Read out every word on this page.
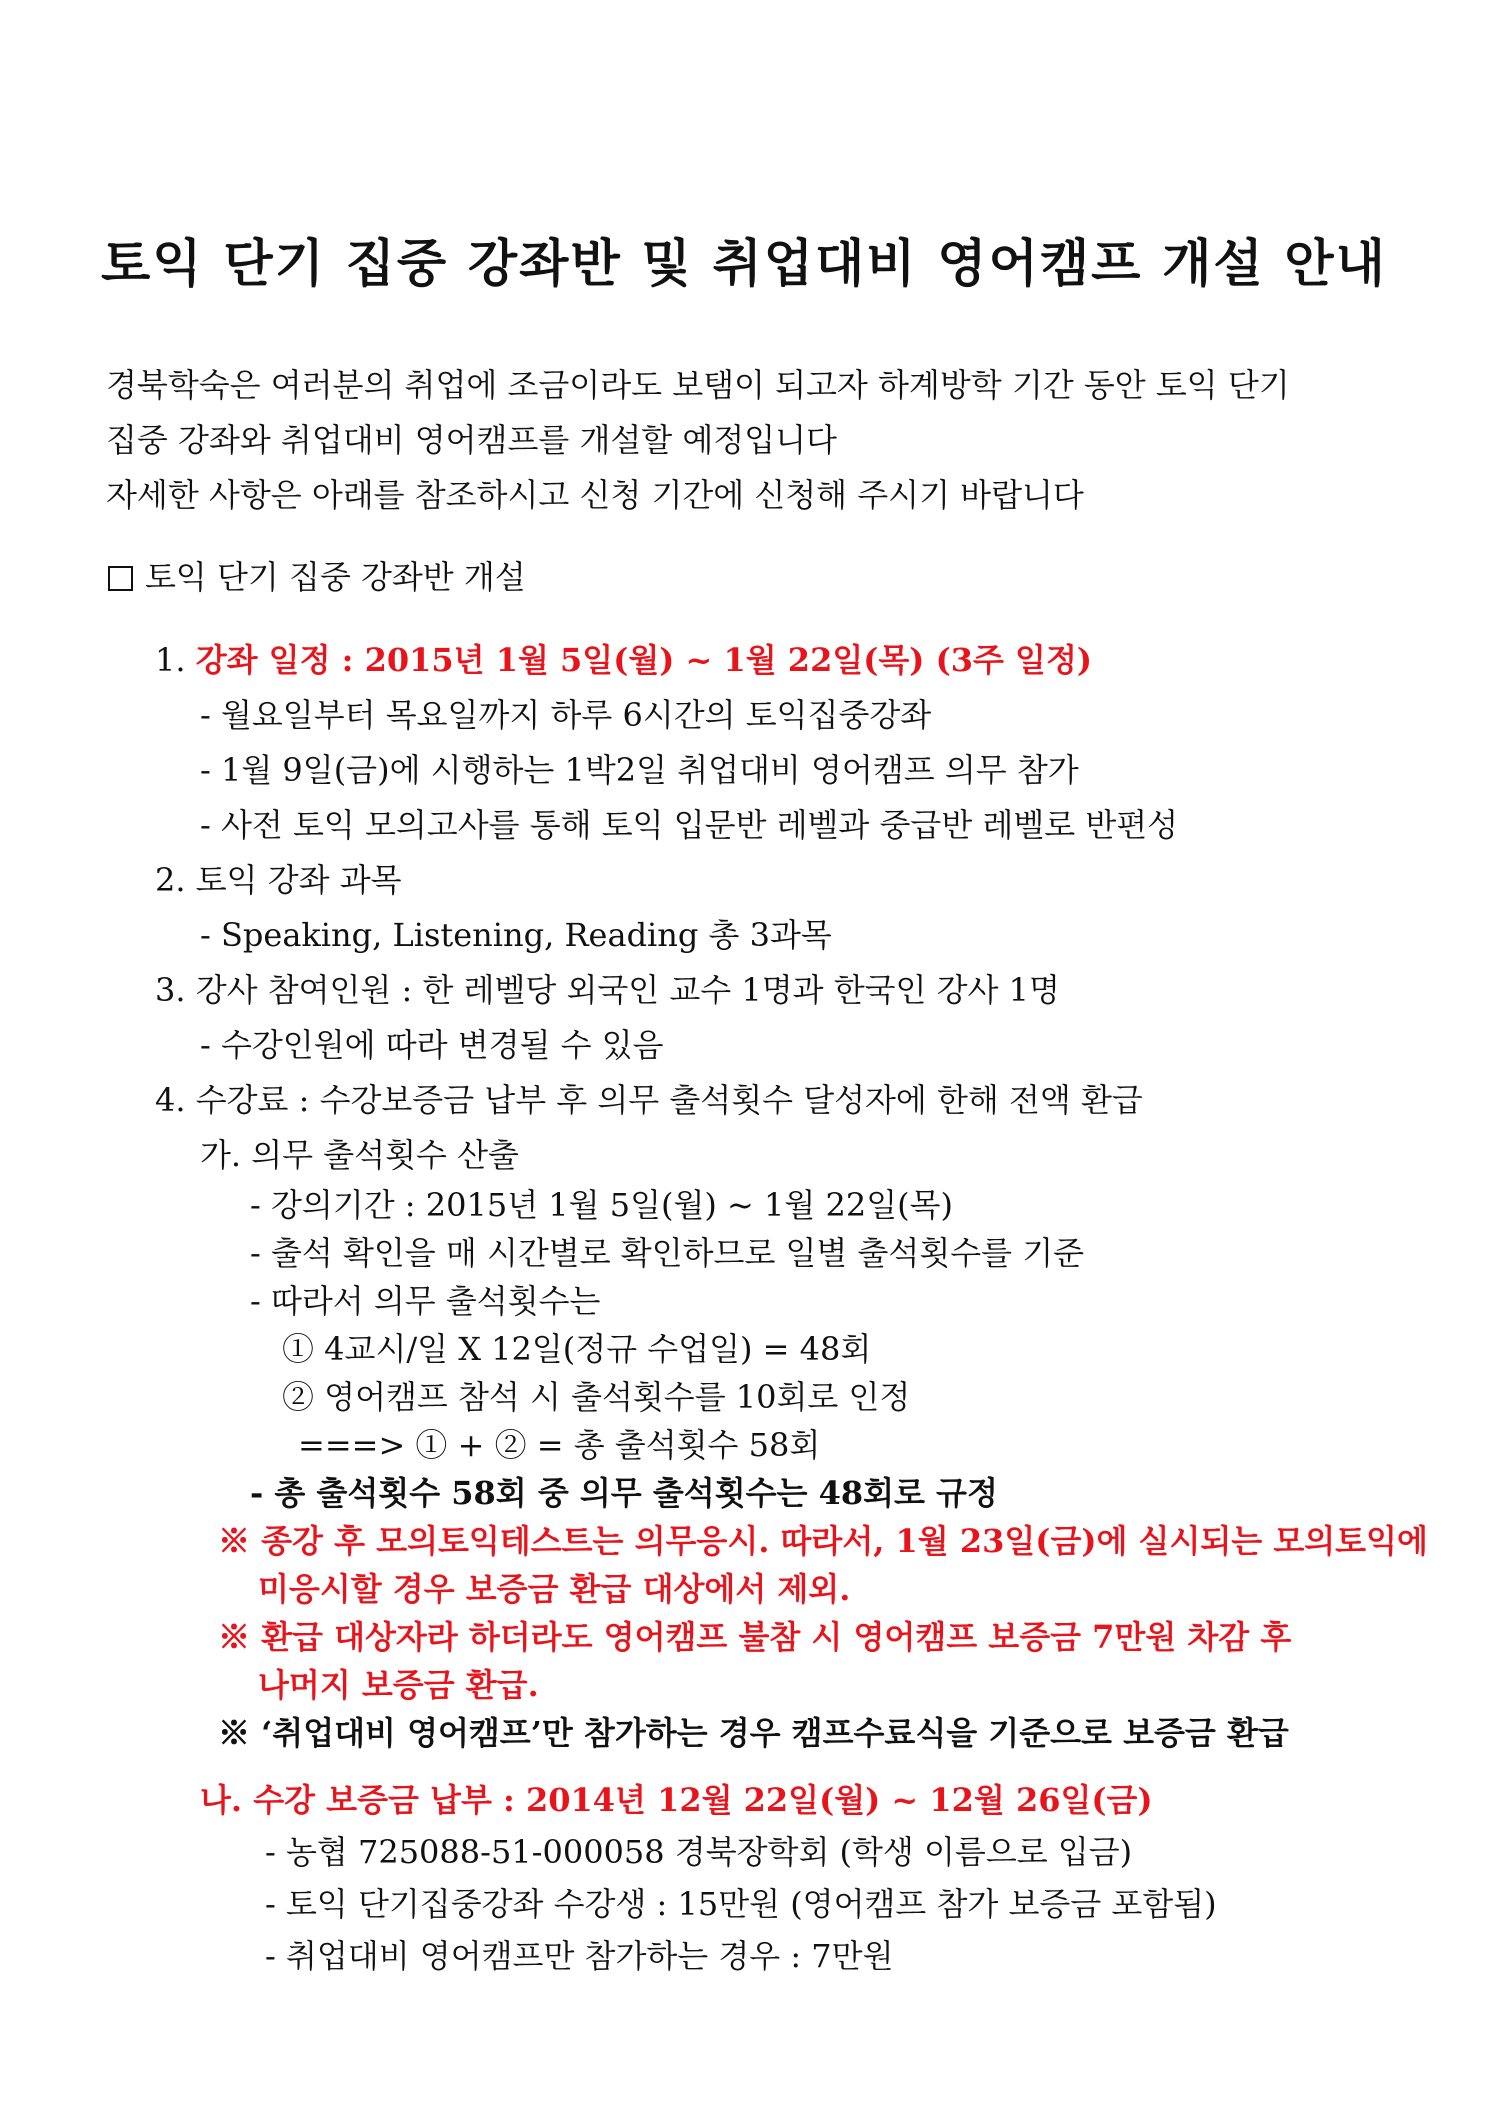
토익 단기 집중 강좌반 및 취업대비 영어캠프 개설 안내
경북학숙은 여러분의 취업에 조금이라도 보탬이 되고자 하계방학 기간 동안 토익 단기
집중 강좌와 취업대비 영어캠프를 개설할 예정입니다
자세한 사항은 아래를 참조하시고 신청 기간에 신청해 주시기 바랍니다
토익 단기 집중 강좌반 개설
1. 강좌 일정 : 2015년 1월 5일(월) ~ 1월 22일(목) (3주 일정)
- 월요일부터 목요일까지 하루 6시간의 토익집중강좌
- 1월 9일(금)에 시행하는 1박2일 취업대비 영어캠프 의무 참가
- 사전 토익 모의고사를 통해 토익 입문반 레벨과 중급반 레벨로 반편성
2. 토익 강좌 과목
- Speaking, Listening, Reading 총 3과목
3. 강사 참여인원 : 한 레벨당 외국인 교수 1명과 한국인 강사 1명
- 수강인원에 따라 변경될 수 있음
4. 수강료 : 수강보증금 납부 후 의무 출석횟수 달성자에 한해 전액 환급
가. 의무 출석횟수 산출
- 강의기간 : 2015년 1월 5일(월) ~ 1월 22일(목)
- 출석 확인을 매 시간별로 확인하므로 일별 출석횟수를 기준
- 따라서 의무 출석횟수는
① 4교시/일 X 12일(정규 수업일) = 48회
② 영어캠프 참석 시 출석횟수를 10회로 인정
===> ① + ② = 총 출석횟수 58회
- 총 출석횟수 58회 중 의무 출석횟수는 48회로 규정
※ 종강 후 모의토익테스트는 의무응시. 따라서, 1월 23일(금)에 실시되는 모의토익에
미응시할 경우 보증금 환급 대상에서 제외.
※ 환급 대상자라 하더라도 영어캠프 불참 시 영어캠프 보증금 7만원 차감 후
나머지 보증금 환급.
※ ‘취업대비 영어캠프’만 참가하는 경우 캠프수료식을 기준으로 보증금 환급
나. 수강 보증금 납부 : 2014년 12월 22일(월) ~ 12월 26일(금)
- 농협 725088-51-000058 경북장학회 (학생 이름으로 입금)
- 토익 단기집중강좌 수강생 : 15만원 (영어캠프 참가 보증금 포함됨)
- 취업대비 영어캠프만 참가하는 경우 : 7만원
